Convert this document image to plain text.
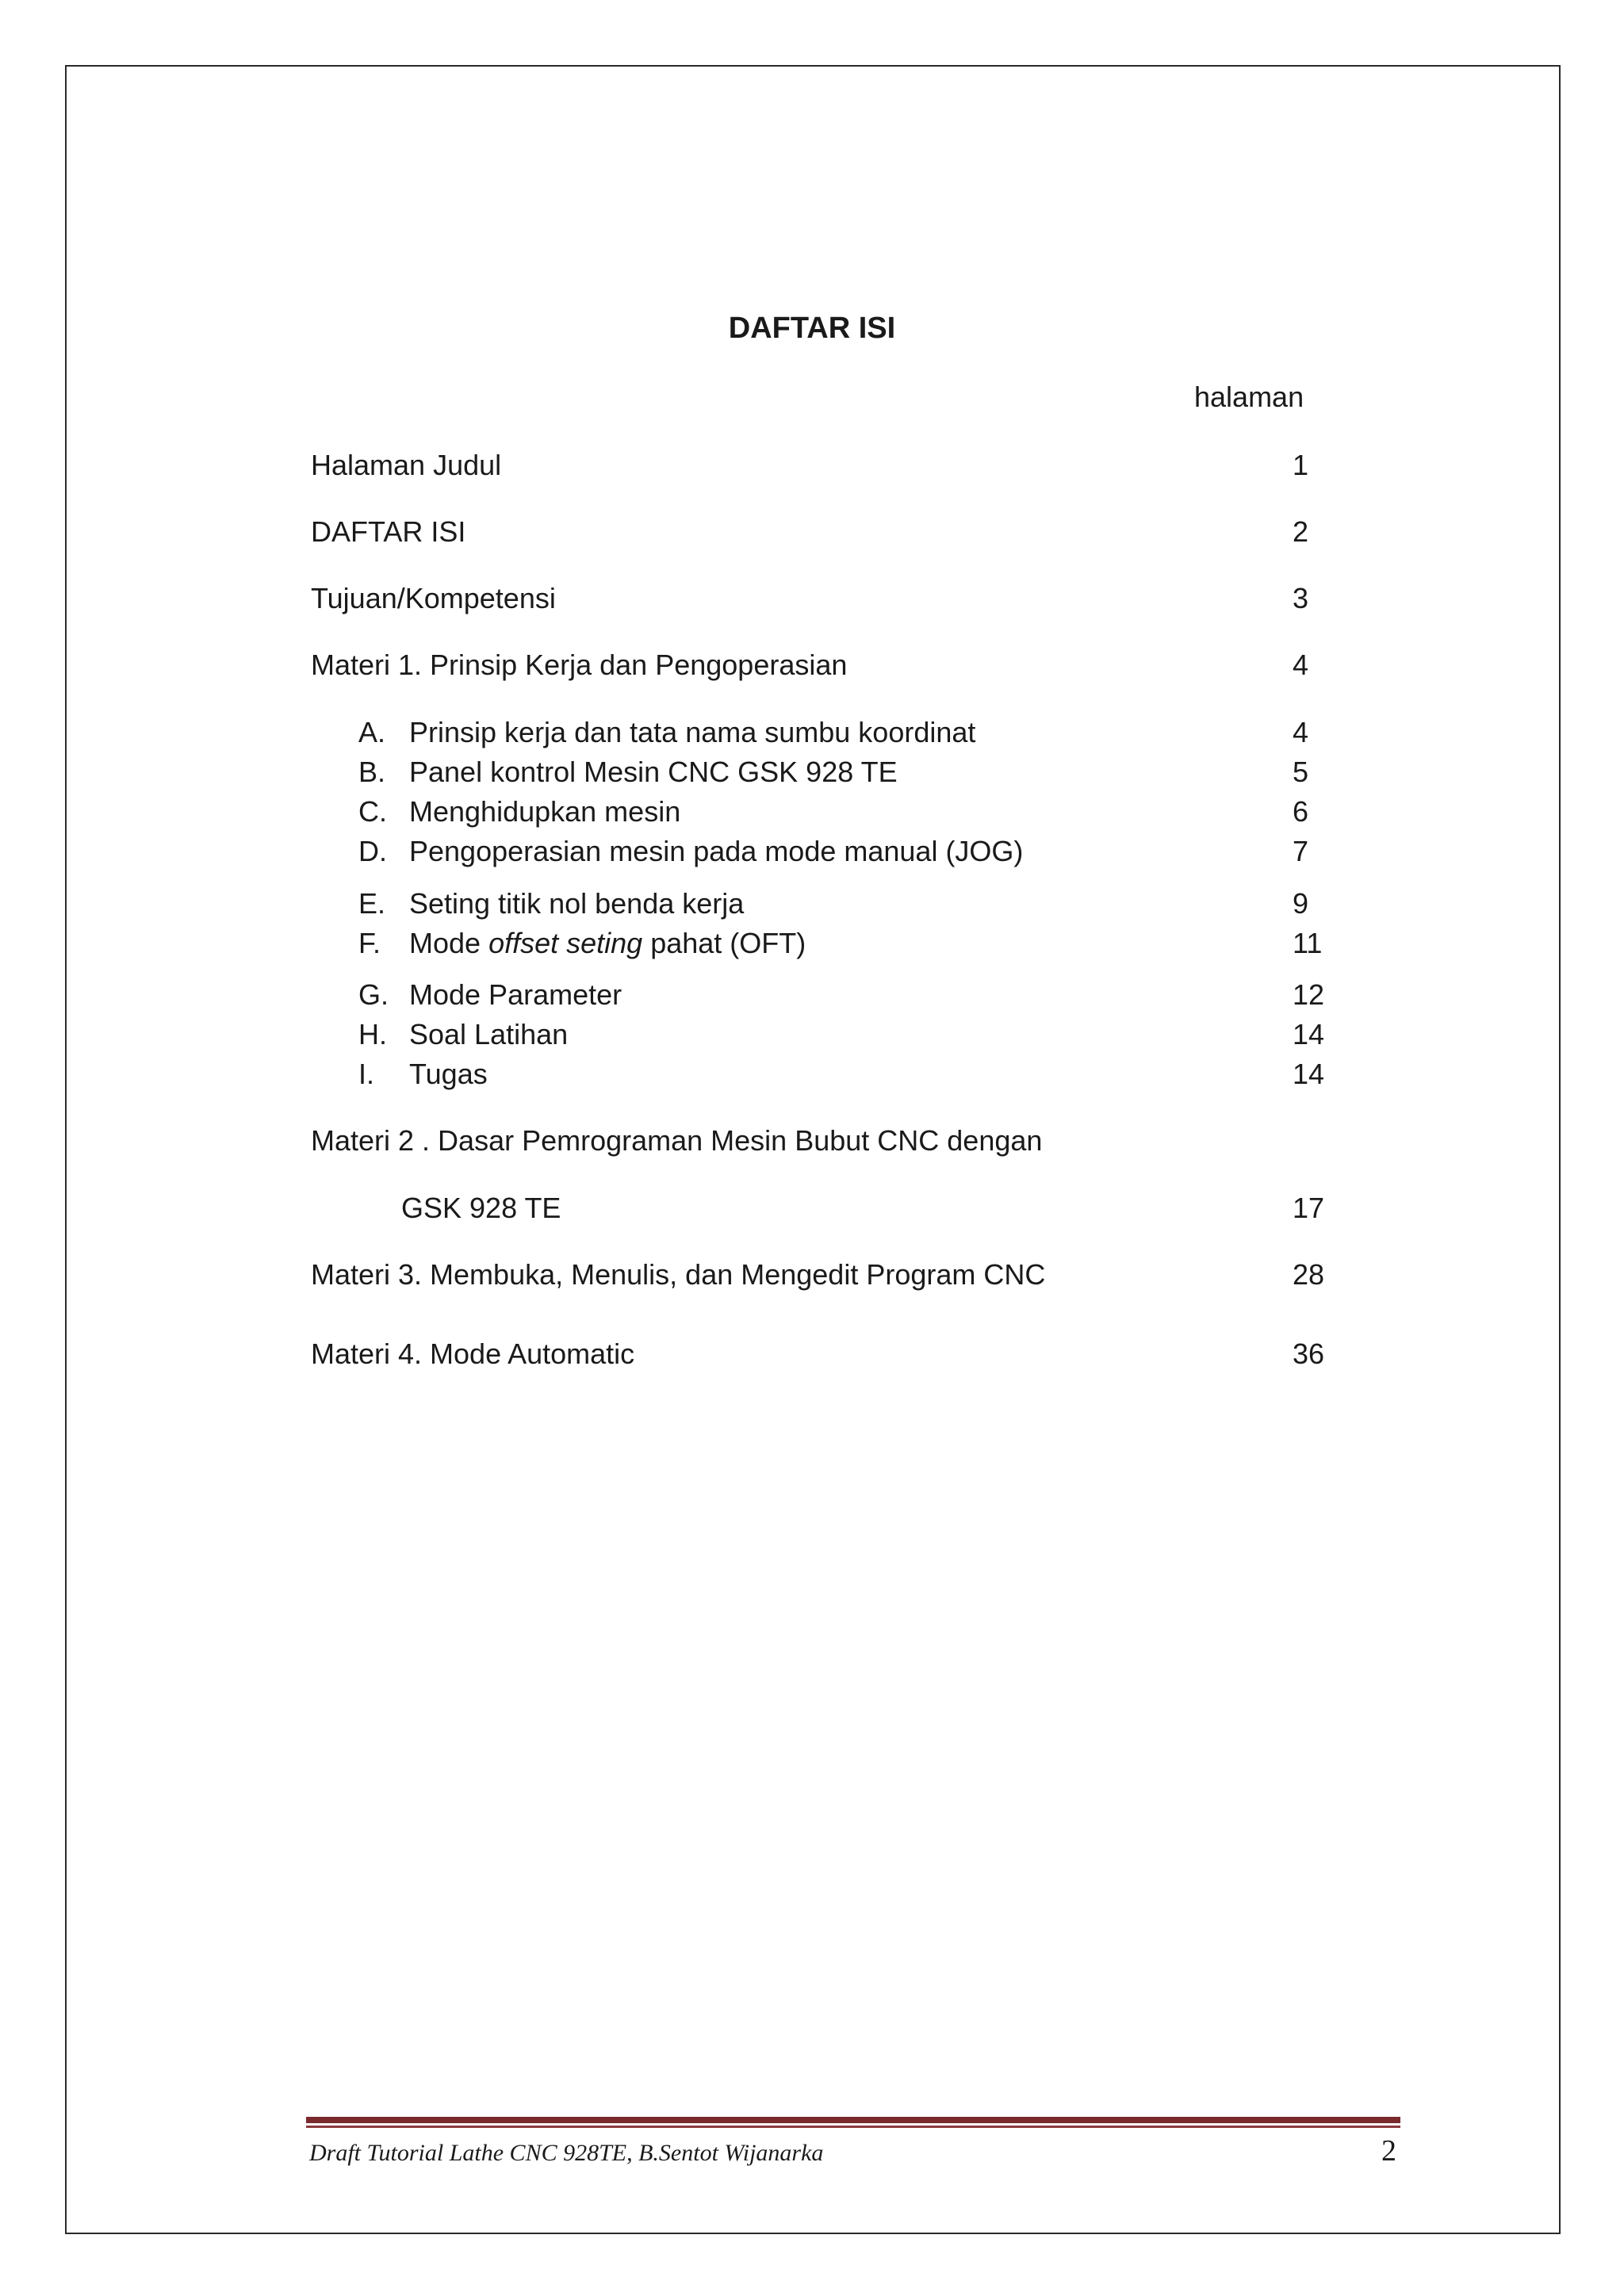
DAFTAR ISI
halaman
Halaman Judul	1
DAFTAR ISI	2
Tujuan/Kompetensi	3
Materi 1. Prinsip Kerja dan Pengoperasian	4
A. Prinsip kerja dan tata nama sumbu koordinat	4
B. Panel kontrol Mesin CNC GSK 928 TE	5
C. Menghidupkan mesin	6
D. Pengoperasian mesin pada mode manual (JOG)	7
E. Seting titik nol benda kerja	9
F. Mode offset seting pahat (OFT)	11
G. Mode Parameter	12
H. Soal Latihan	14
I. Tugas	14
Materi 2 . Dasar Pemrograman Mesin Bubut CNC dengan
GSK 928 TE	17
Materi 3. Membuka, Menulis, dan Mengedit Program CNC	28
Materi 4. Mode Automatic	36
Draft Tutorial Lathe CNC 928TE, B.Sentot Wijanarka	2
